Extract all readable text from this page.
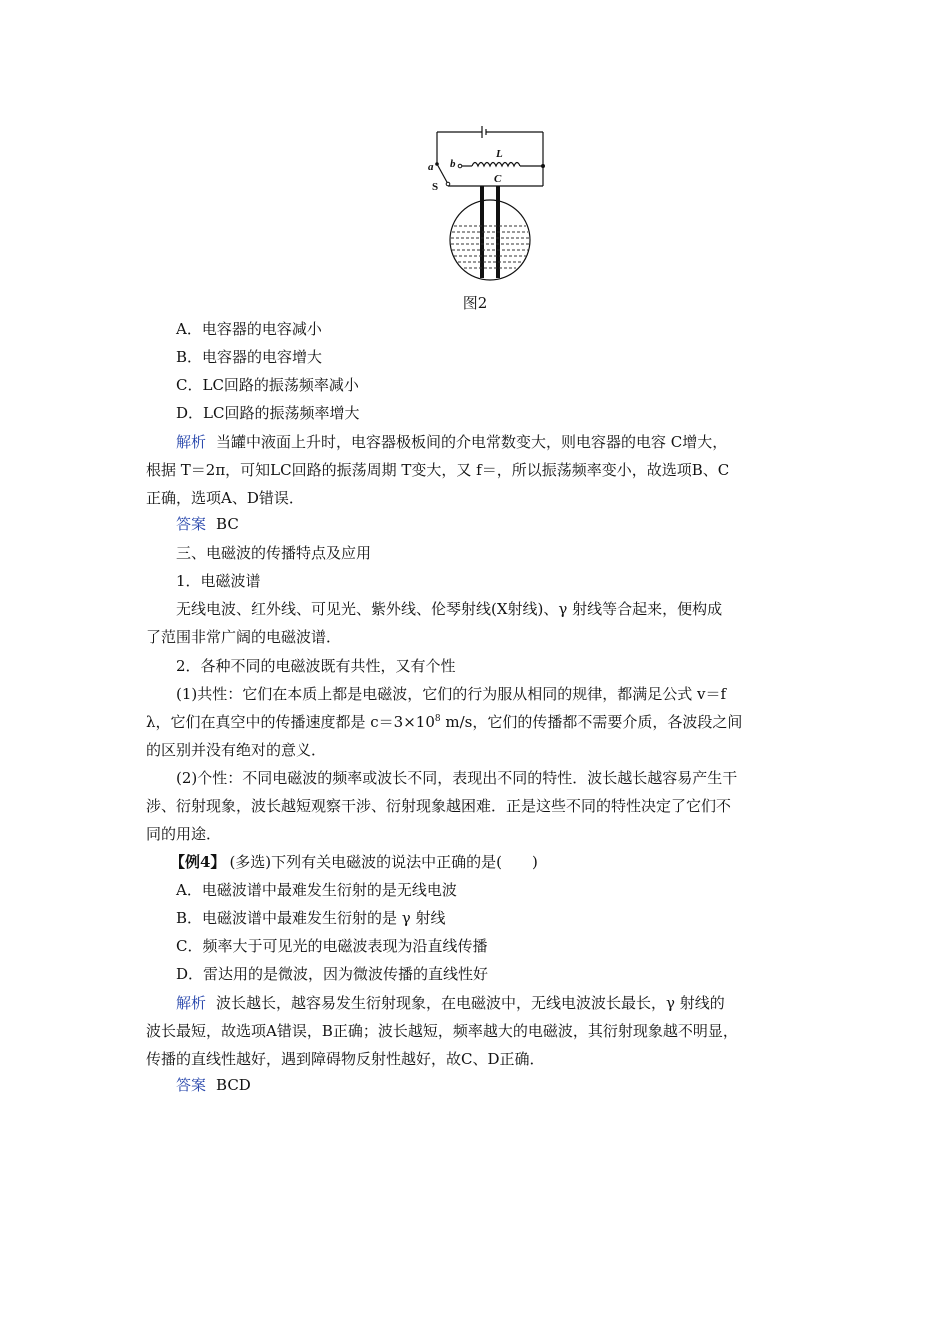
a b
L
C
S
图2
A．电容器的电容减小
B．电容器的电容增大
C．LC回路的振荡频率减小
D．LC回路的振荡频率增大
解析 当罐中液面上升时，电容器极板间的介电常数变大，则电容器的电容 C增大，
根据 T＝2π，可知LC回路的振荡周期 T变大，又 f＝，所以振荡频率变小，故选项B、C
正确，选项A、D错误．
答案 BC
三、电磁波的传播特点及应用
1．电磁波谱
无线电波、红外线、可见光、紫外线、伦琴射线(X射线)、γ 射线等合起来，便构成
了范围非常广阔的电磁波谱．
2．各种不同的电磁波既有共性，又有个性
(1)共性：它们在本质上都是电磁波，它们的行为服从相同的规律，都满足公式 v＝f
λ，它们在真空中的传播速度都是 $c=3\times 10^8$ m/s，它们的传播都不需要介质，各波段之间
的区别并没有绝对的意义．
(2)个性：不同电磁波的频率或波长不同，表现出不同的特性．波长越长越容易产生干
涉、衍射现象，波长越短观察干涉、衍射现象越困难．正是这些不同的特性决定了它们不
同的用途．
【例4】 (多选)下列有关电磁波的说法中正确的是(　　)
A．电磁波谱中最难发生衍射的是无线电波
B．电磁波谱中最难发生衍射的是 γ 射线
C．频率大于可见光的电磁波表现为沿直线传播
D．雷达用的是微波，因为微波传播的直线性好
解析 波长越长，越容易发生衍射现象，在电磁波中，无线电波波长最长，γ 射线的
波长最短，故选项A错误，B正确；波长越短，频率越大的电磁波，其衍射现象越不明显，
传播的直线性越好，遇到障碍物反射性越好，故C、D正确．
答案 BCD
